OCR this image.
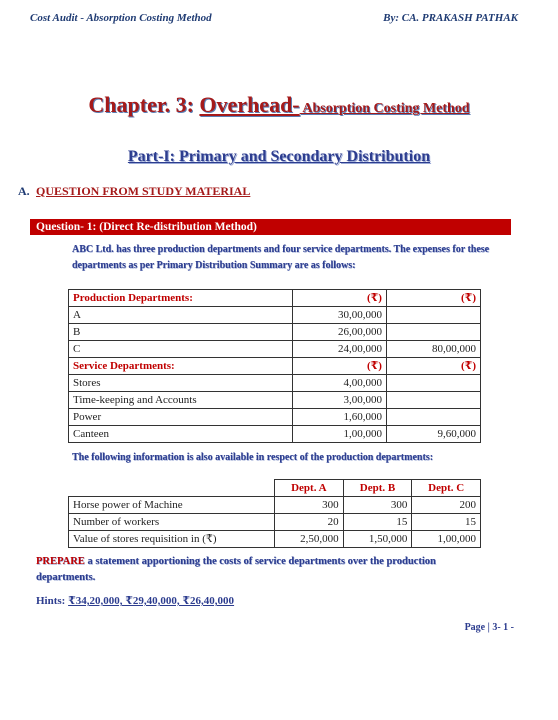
Cost Audit - Absorption Costing Method	By: CA. PRAKASH PATHAK
Chapter. 3: Overhead- Absorption Costing Method
Part-I: Primary and Secondary Distribution
A. QUESTION FROM STUDY MATERIAL
Question- 1: (Direct Re-distribution Method)
ABC Ltd. has three production departments and four service departments. The expenses for these departments as per Primary Distribution Summary are as follows:
Production Departments:	(₹)	(₹)
A	30,00,000	
B	26,00,000	
C	24,00,000	80,00,000
Service Departments:	(₹)	(₹)
Stores	4,00,000	
Time-keeping and Accounts	3,00,000	
Power	1,60,000	
Canteen	1,00,000	9,60,000
The following information is also available in respect of the production departments:
	Dept. A	Dept. B	Dept. C
Horse power of Machine	300	300	200
Number of workers	20	15	15
Value of stores requisition in (₹)	2,50,000	1,50,000	1,00,000
PREPARE a statement apportioning the costs of service departments over the production departments.
Hints: ₹34,20,000, ₹29,40,000, ₹26,40,000
Page | 3- 1 -
